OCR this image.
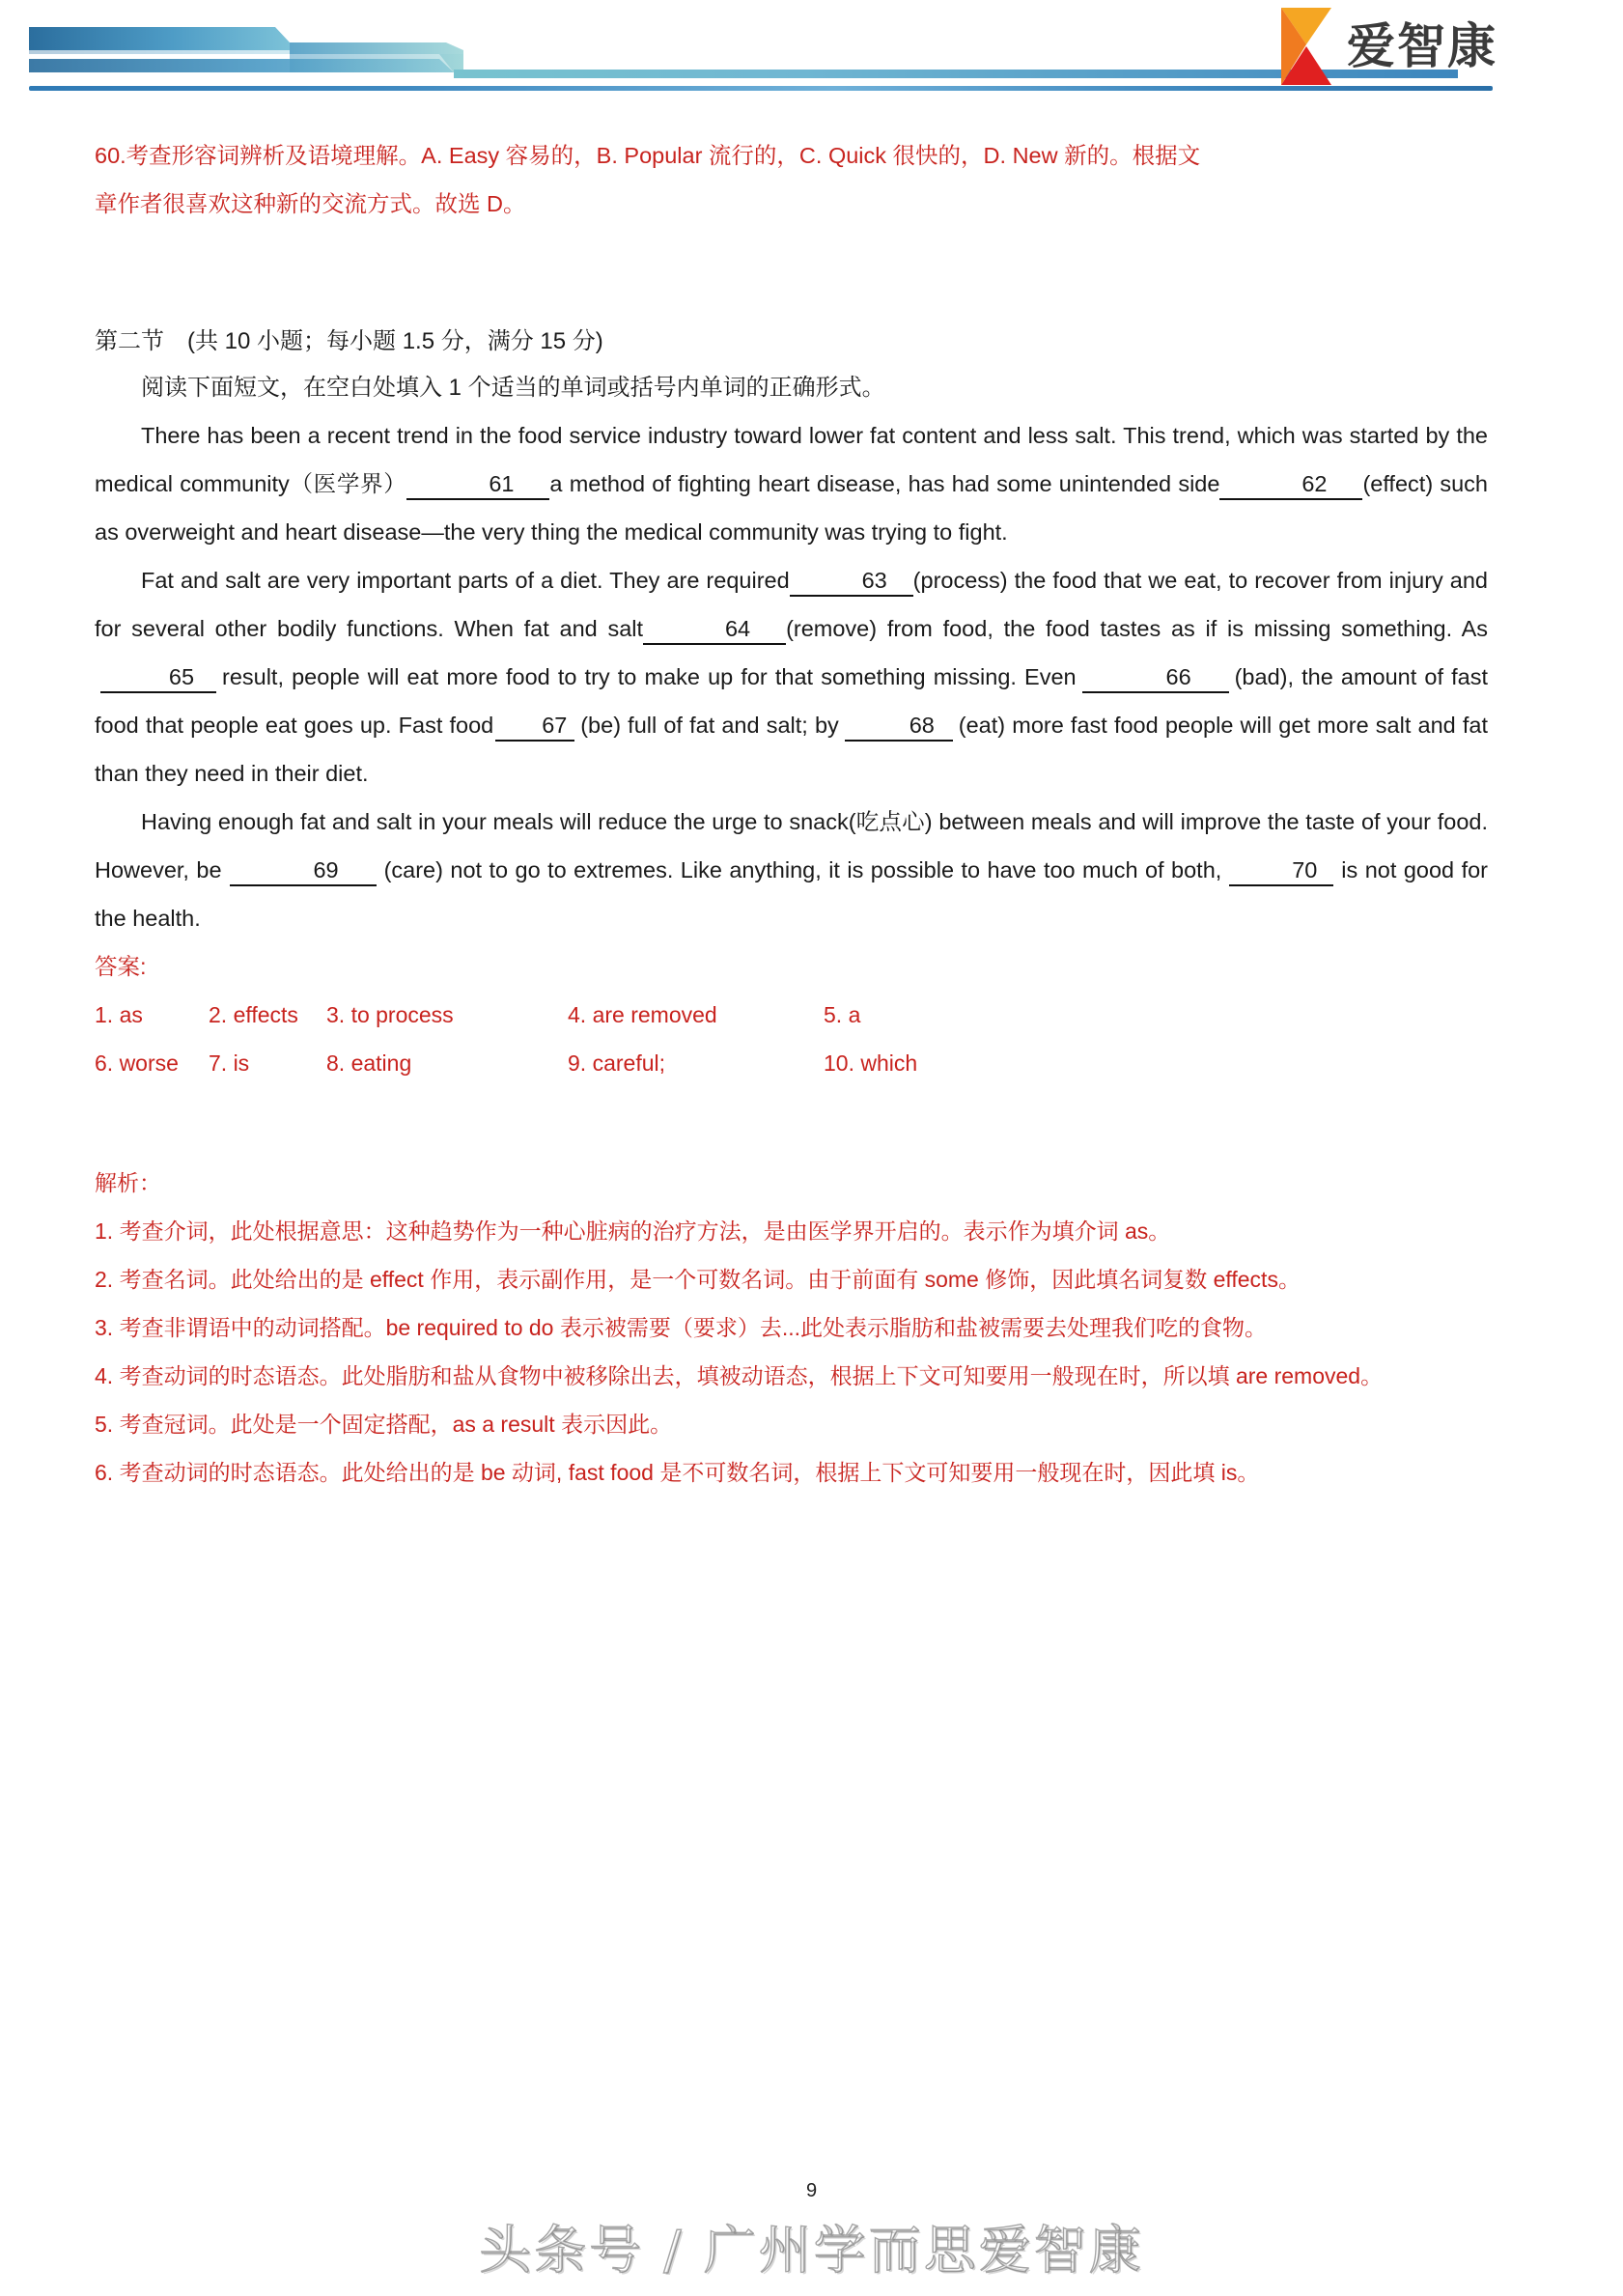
爱智康

60.考查形容词辨析及语境理解。A. Easy 容易的，B. Popular 流行的，C. Quick 很快的，D. New 新的。根据文

章作者很喜欢这种新的交流方式。故选 D。

第二节　(共 10 小题；每小题 1.5 分，满分 15 分)

阅读下面短文，在空白处填入 1 个适当的单词或括号内单词的正确形式。

There has been a recent trend in the food service industry toward lower fat content and less salt. This trend, which was started by the medical community（医学界）	61 a method of fighting heart disease, has had some unintended side	62 (effect) such as overweight and heart disease—the very thing the medical community was trying to fight.

Fat and salt are very important parts of a diet. They are required	63 (process) the food that we eat, to recover from injury and for several other bodily functions. When fat and salt	64 (remove) from food, the food tastes as if is missing something. As65 result, people will eat more food to try to make up for that something missing. Even	66 (bad), the amount of fast food that people eat goes up. Fast food 67 (be) full of fat and salt; by	68 (eat) more fast food people will get more salt and fat than they need in their diet.

Having enough fat and salt in your meals will reduce the urge to snack(吃点心) between meals and will improve the taste of your food. However, be	69 (care) not to go to extremes. Like anything, it is possible to have too much of both,	70 is not good for the health.

答案:

1. as	2. effects	3. to process	4. are removed	5. a
6. worse	7. is	8. eating	9. careful;	10. which

解析：

1. 考查介词，此处根据意思：这种趋势作为一种心脏病的治疗方法，是由医学界开启的。表示作为填介词 as。

2. 考查名词。此处给出的是 effect 作用，表示副作用，是一个可数名词。由于前面有 some 修饰，因此填名词复数 effects。

3. 考查非谓语中的动词搭配。be required to do 表示被需要（要求）去...此处表示脂肪和盐被需要去处理我们吃的食物。

4. 考查动词的时态语态。此处脂肪和盐从食物中被移除出去，填被动语态，根据上下文可知要用一般现在时，所以填 are removed。

5. 考查冠词。此处是一个固定搭配，as a result 表示因此。

6. 考查动词的时态语态。此处给出的是 be 动词, fast food 是不可数名词，根据上下文可知要用一般现在时，因此填 is。

9
头条号 / 广州学而思爱智康
